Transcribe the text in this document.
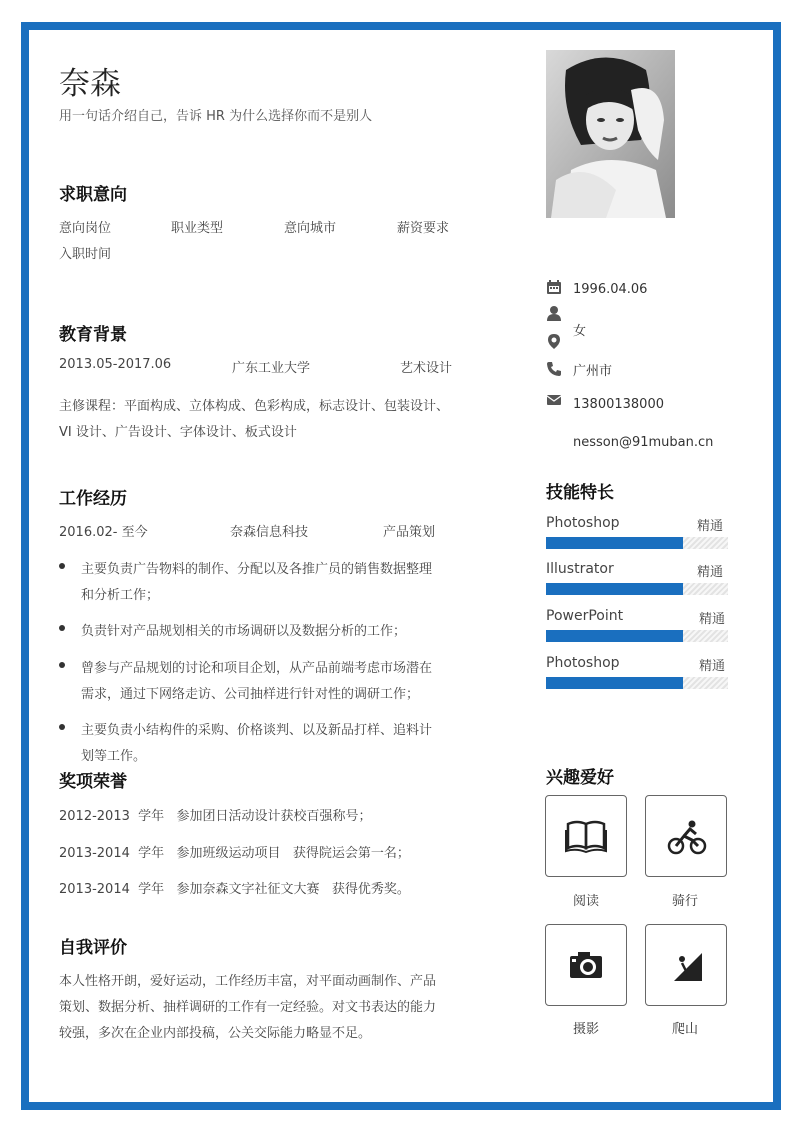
奈森
用一句话介绍自己，告诉 HR 为什么选择你而不是别人
求职意向
意向岗位	职业类型	意向城市	薪资要求
入职时间
教育背景
2013.05-2017.06	广东工业大学	艺术设计
主修课程：平面构成、立体构成、色彩构成，标志设计、包装设计、
VI 设计、广告设计、字体设计、板式设计
工作经历
2016.02- 至今	奈森信息科技	产品策划
主要负责广告物料的制作、分配以及各推广员的销售数据整理
和分析工作；
负责针对产品规划相关的市场调研以及数据分析的工作；
曾参与产品规划的讨论和项目企划，从产品前端考虑市场潜在
需求，通过下网络走访、公司抽样进行针对性的调研工作；
主要负责小结构件的采购、价格谈判、以及新品打样、追料计
划等工作。
奖项荣誉
2012-2013  学年   参加团日活动设计获校百强称号；
2013-2014  学年   参加班级运动项目   获得院运会第一名；
2013-2014  学年   参加奈森文字社征文大赛   获得优秀奖。
自我评价
本人性格开朗，爱好运动，工作经历丰富，对平面动画制作、产品
策划、数据分析、抽样调研的工作有一定经验。对文书表达的能力
较强，多次在企业内部投稿，公关交际能力略显不足。
1996.04.06
女
广州市
13800138000
nesson@91muban.cn
技能特长
Photoshop	精通
Illustrator	精通
PowerPoint	精通
Photoshop	精通
兴趣爱好
阅读	骑行
摄影	爬山
